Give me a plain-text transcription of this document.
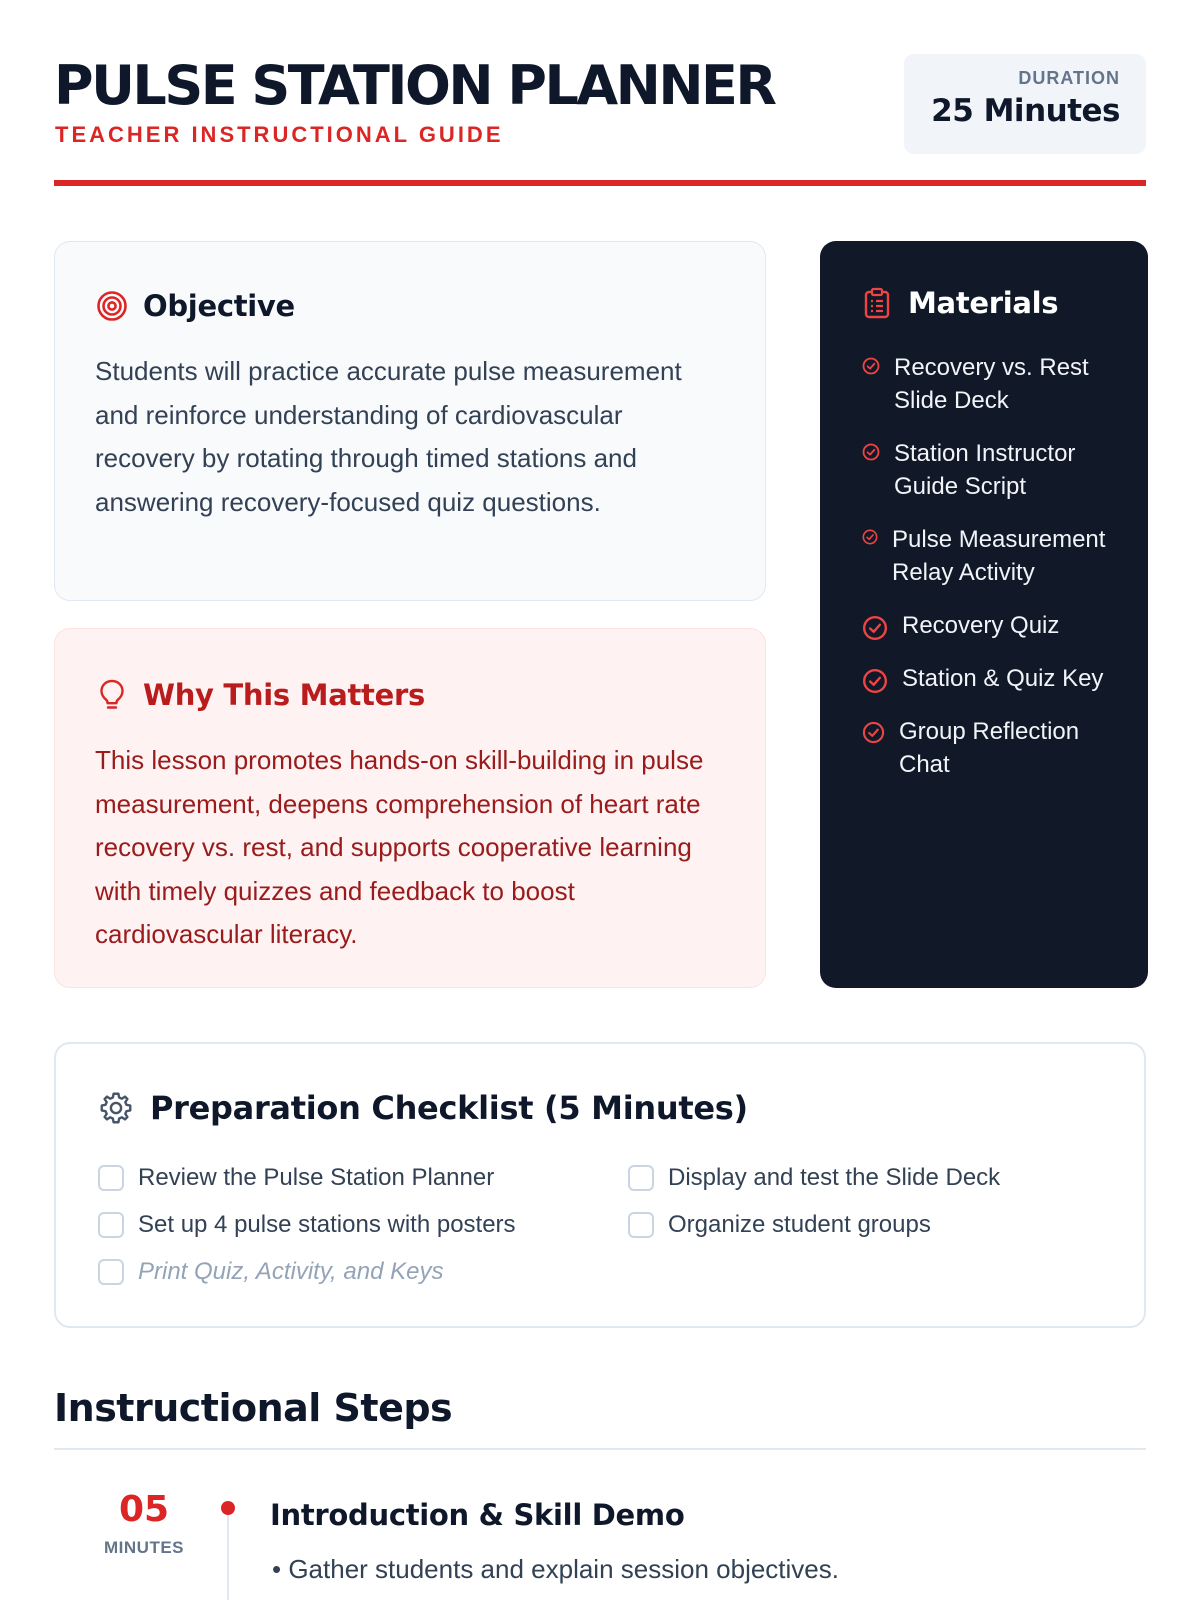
PULSE STATION PLANNER
TEACHER INSTRUCTIONAL GUIDE
DURATION
25 Minutes
Objective

Students will practice accurate pulse measurement and reinforce understanding of cardiovascular recovery by rotating through timed stations and answering recovery-focused quiz questions.

Why This Matters

This lesson promotes hands-on skill-building in pulse measurement, deepens comprehension of heart rate recovery vs. rest, and supports cooperative learning with timely quizzes and feedback to boost cardiovascular literacy.

Materials
Recovery vs. Rest Slide Deck
Station Instructor Guide Script
Pulse Measurement Relay Activity
Recovery Quiz
Station & Quiz Key
Group Reflection Chat
Preparation Checklist (5 Minutes)
Review the Pulse Station Planner	Display and test the Slide Deck
Set up 4 pulse stations with posters	Organize student groups
Print Quiz, Activity, and Keys
Instructional Steps
05
MINUTES
Introduction & Skill Demo
• Gather students and explain session objectives.
